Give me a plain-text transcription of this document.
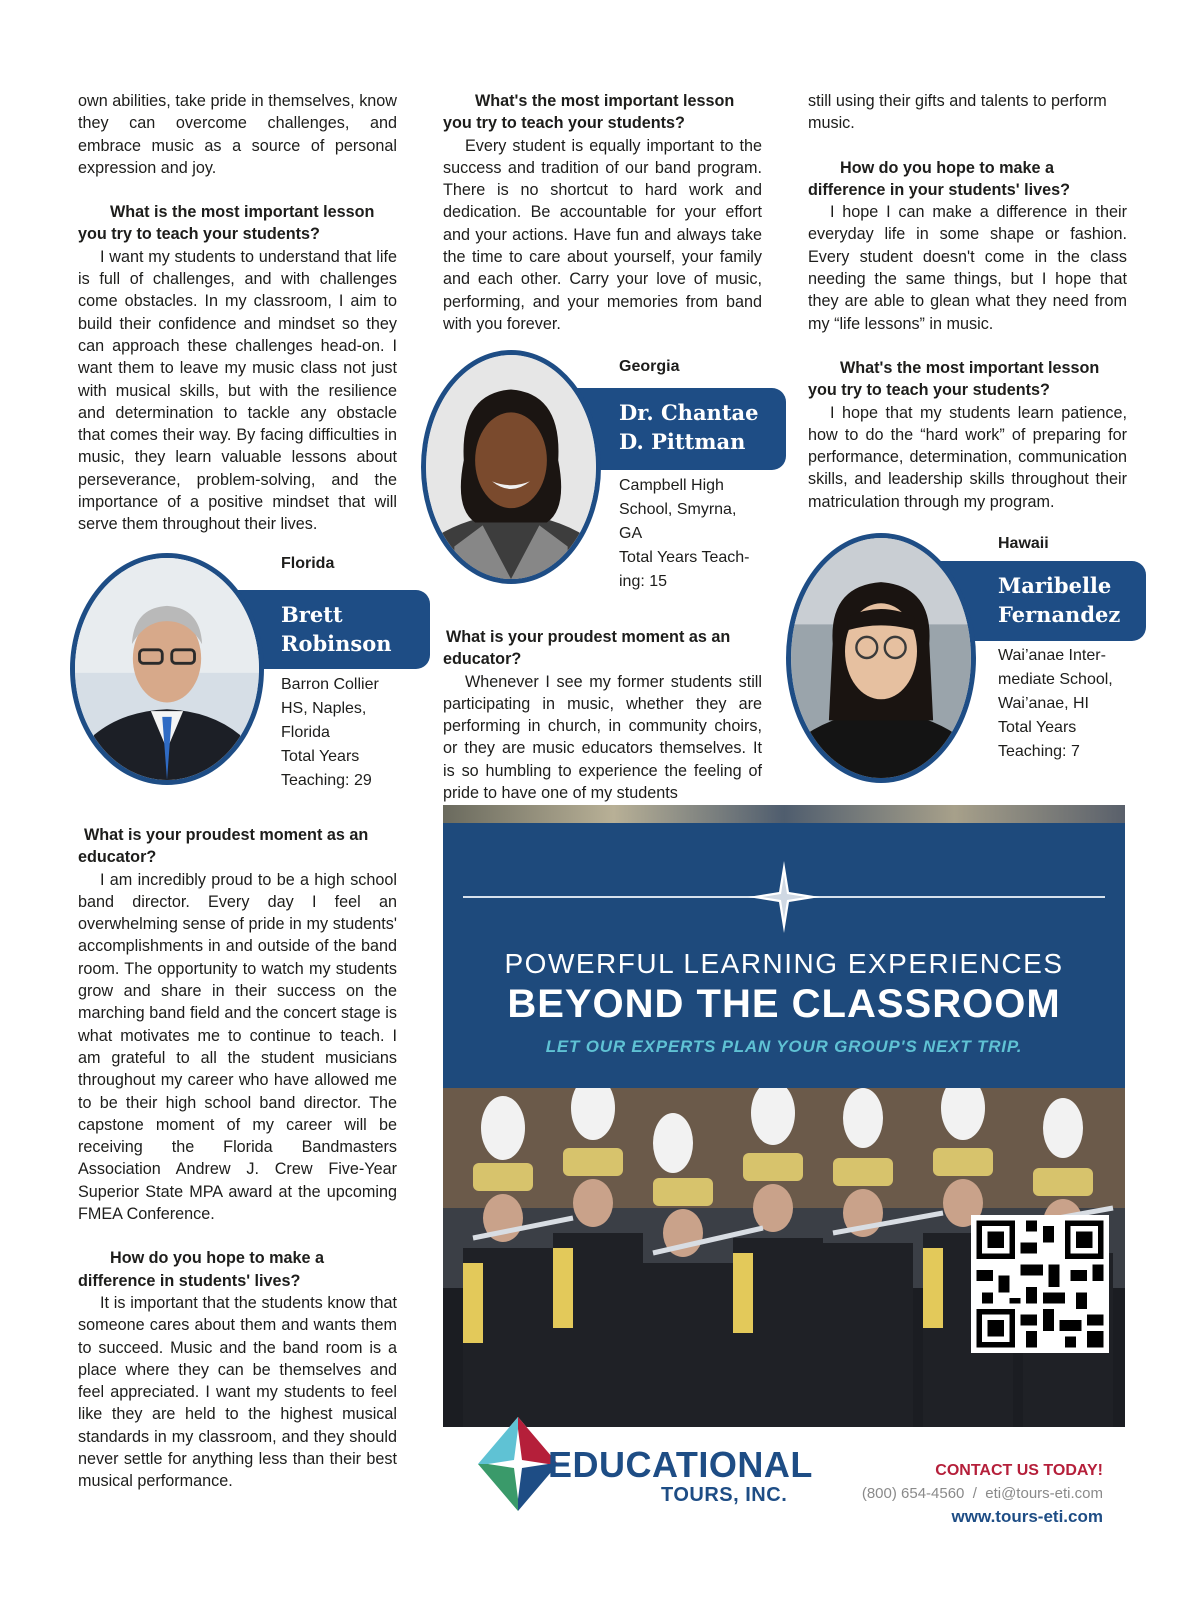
own abilities, take pride in themselves, know they can overcome challenges, and embrace music as a source of personal expression and joy.

What is the most important lesson you try to teach your students?

I want my students to understand that life is full of challenges, and with challenges come obstacles. In my classroom, I aim to build their confidence and mindset so they can approach these challenges head-on. I want them to leave my music class not just with musical skills, but with the resilience and determination to tackle any obstacle that comes their way. By facing difficulties in music, they learn valuable lessons about perseverance, problem-solving, and the importance of a positive mindset that will serve them throughout their lives.

Florida
Brett
Robinson
Barron Collier
HS, Naples,
Florida
Total Years
Teaching: 29

What is your proudest moment as an educator?

I am incredibly proud to be a high school band director. Every day I feel an overwhelming sense of pride in my students' accomplishments in and outside of the band room. The opportunity to watch my students grow and share in their success on the marching band field and the concert stage is what motivates me to continue to teach. I am grateful to all the student musicians throughout my career who have allowed me to be their high school band director. The capstone moment of my career will be receiving the Florida Bandmasters Association Andrew J. Crew Five-Year Superior State MPA award at the upcoming FMEA Conference.

How do you hope to make a difference in students' lives?

It is important that the students know that someone cares about them and wants them to succeed. Music and the band room is a place where they can be themselves and feel appreciated. I want my students to feel like they are held to the highest musical standards in my classroom, and they should never settle for anything less than their best musical performance.

What's the most important lesson you try to teach your students?

Every student is equally important to the success and tradition of our band program. There is no shortcut to hard work and dedication. Be accountable for your effort and your actions. Have fun and always take the time to care about yourself, your family and each other. Carry your love of music, performing, and your memories from band with you forever.

Georgia
Dr. Chantae
D. Pittman
Campbell High
School, Smyrna,
GA
Total Years Teach-
ing: 15

What is your proudest moment as an educator?

Whenever I see my former students still participating in music, whether they are performing in church, in community choirs, or they are music educators themselves. It is so humbling to experience the feeling of pride to have one of my students

still using their gifts and talents to perform music.

How do you hope to make a difference in your students' lives?

I hope I can make a difference in their everyday life in some shape or fashion. Every student doesn't come in the class needing the same things, but I hope that they are able to glean what they need from my “life lessons” in music.

What's the most important lesson you try to teach your students?

I hope that my students learn patience, how to do the “hard work” of preparing for performance, determination, communication skills, and leadership skills throughout their matriculation through my program.

Hawaii
Maribelle
Fernandez
Wai’anae Inter-
mediate School,
Wai’anae, HI
Total Years
Teaching: 7
POWERFUL LEARNING EXPERIENCES
BEYOND THE CLASSROOM
LET OUR EXPERTS PLAN YOUR GROUP'S NEXT TRIP.
EDUCATIONAL
TOURS, INC.
CONTACT US TODAY!
(800) 654-4560  /  eti@tours-eti.com
www.tours-eti.com
